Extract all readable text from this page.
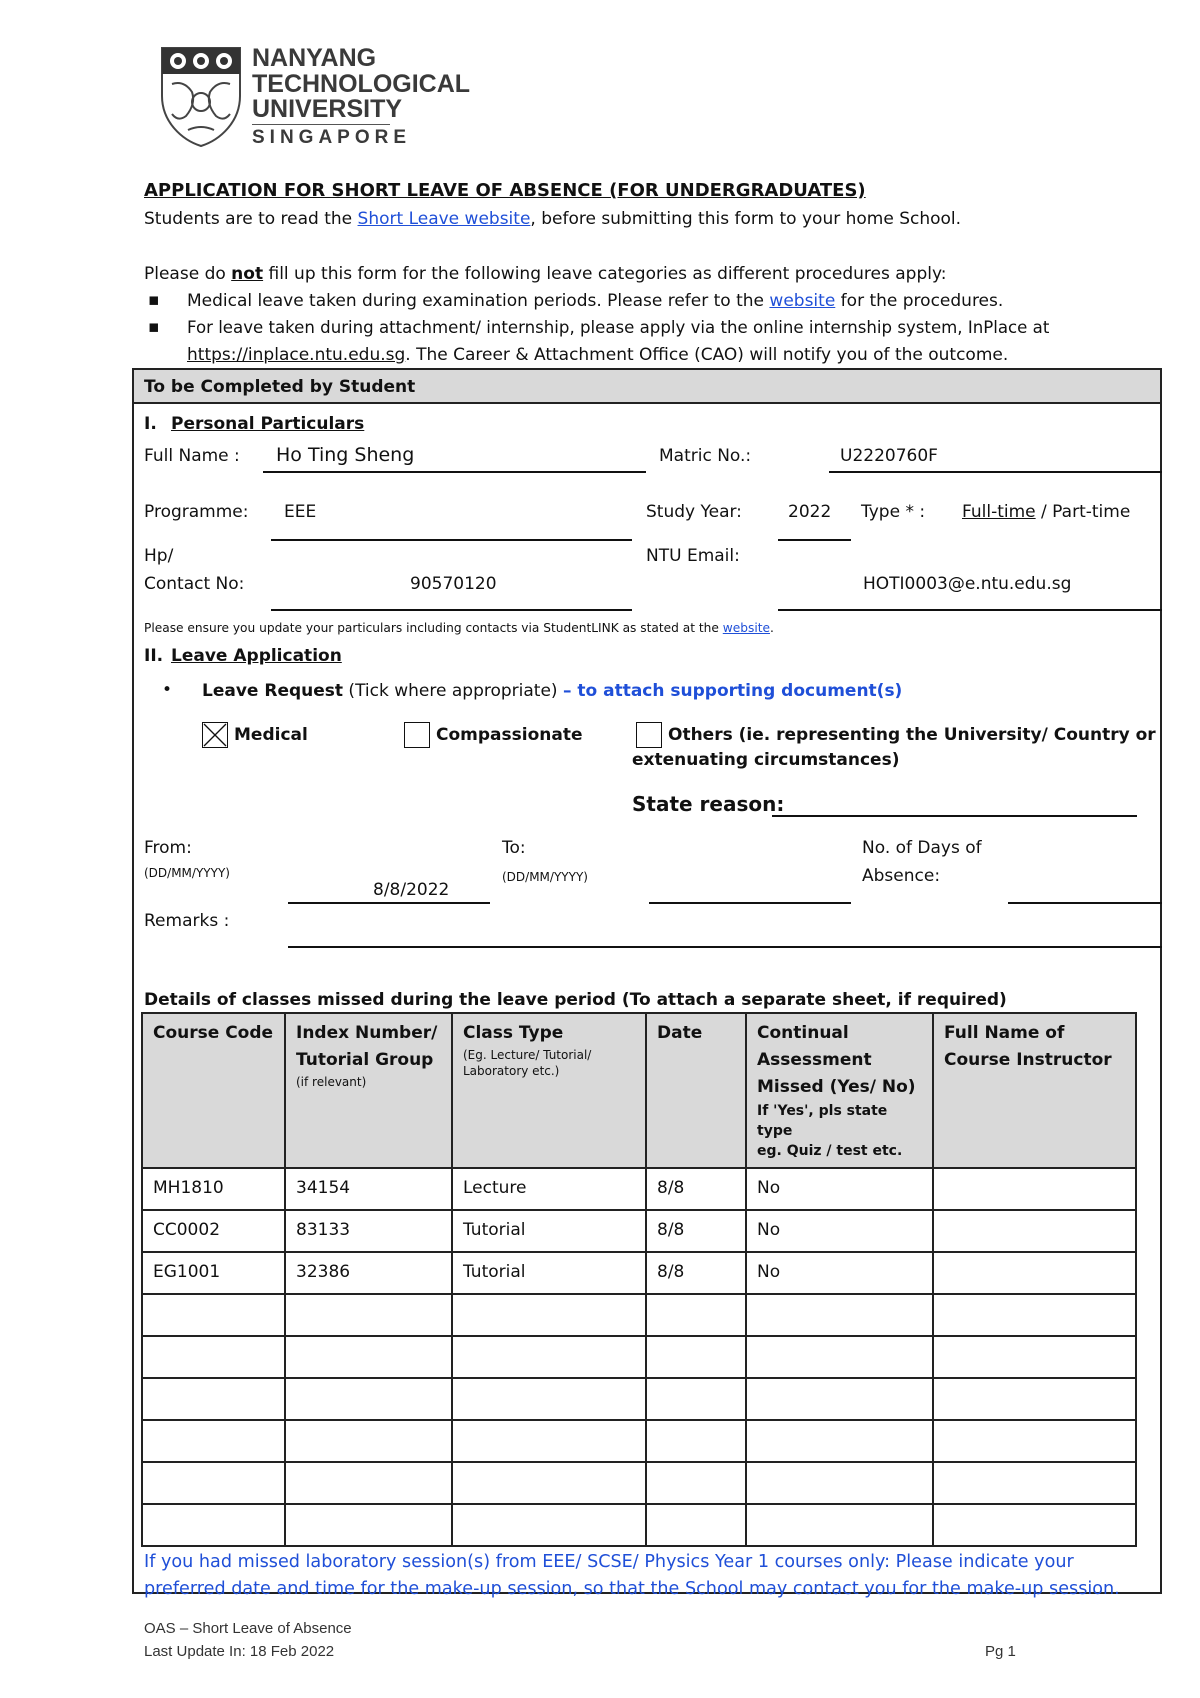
NANYANG
TECHNOLOGICAL
UNIVERSITY
SINGAPORE
APPLICATION FOR SHORT LEAVE OF ABSENCE (FOR UNDERGRADUATES)
Students are to read the Short Leave website, before submitting this form to your home School.
Please do not fill up this form for the following leave categories as different procedures apply:
▪ Medical leave taken during examination periods. Please refer to the website for the procedures.
▪ For leave taken during attachment/ internship, please apply via the online internship system, InPlace at
https://inplace.ntu.edu.sg. The Career & Attachment Office (CAO) will notify you of the outcome.
To be Completed by Student
I. Personal Particulars
Full Name : Ho Ting Sheng	Matric No.:	U2220760F
Programme: EEE	Study Year:	2022 Type * : Full-time / Part-time
Hp/
Contact No:	90570120
NTU Email:
HOTI0003@e.ntu.edu.sg
Please ensure you update your particulars including contacts via StudentLINK as stated at the website.
II. Leave Application
• Leave Request (Tick where appropriate) – to attach supporting document(s)
Medical	Compassionate	Others (ie. representing the University/ Country or
extenuating circumstances)
State reason:
From:
(DD/MM/YYYY)
8/8/2022
To:
(DD/MM/YYYY)
No. of Days of
Absence:
Remarks :
Details of classes missed during the leave period (To attach a separate sheet, if required)
Course Code	Index Number/
Tutorial Group
(if relevant)	Class Type
(Eg. Lecture/ Tutorial/
Laboratory etc.)	Date	Continual
Assessment
Missed (Yes/ No)
If 'Yes', pls state type
eg. Quiz / test etc.	Full Name of
Course Instructor

MH1810	34154	Lecture	8/8	No	
CC0002	83133	Tutorial	8/8	No	
EG1001	32386	Tutorial	8/8	No	

If you had missed laboratory session(s) from EEE/ SCSE/ Physics Year 1 courses only: Please indicate your
preferred date and time for the make-up session, so that the School may contact you for the make-up session.
OAS – Short Leave of Absence
Last Update In: 18 Feb 2022	Pg 1
